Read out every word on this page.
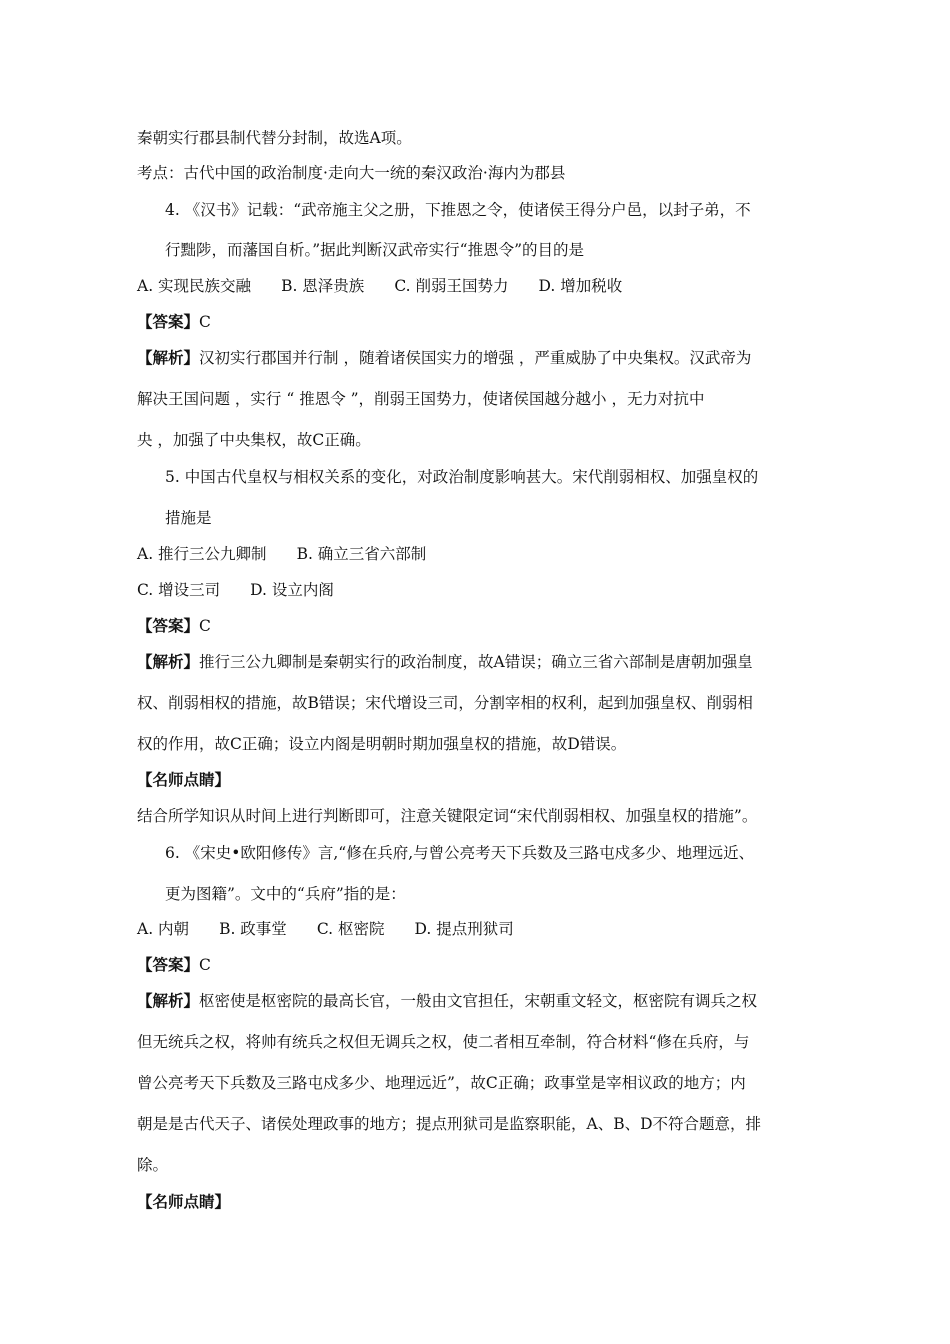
秦朝实行郡县制代替分封制，故选A项。
考点：古代中国的政治制度·走向大一统的秦汉政治·海内为郡县
4. 《汉书》记载：“武帝施主父之册，下推恩之令，使诸侯王得分户邑，以封子弟，不
行黜陟，而藩国自析。”据此判断汉武帝实行“推恩令”的目的是
A. 实现民族交融 B. 恩泽贵族 C. 削弱王国势力 D. 增加税收
【答案】C
【解析】汉初实行郡国并行制 ，随着诸侯国实力的增强 ，严重威胁了中央集权。汉武帝为
解决王国问题 ，实行 “ 推恩令 ”，削弱王国势力，使诸侯国越分越小 ，无力对抗中
央 ，加强了中央集权，故C正确。
5. 中国古代皇权与相权关系的变化，对政治制度影响甚大。宋代削弱相权、加强皇权的
措施是
A. 推行三公九卿制 B. 确立三省六部制
C. 增设三司 D. 设立内阁
【答案】C
【解析】推行三公九卿制是秦朝实行的政治制度，故A错误；确立三省六部制是唐朝加强皇
权、削弱相权的措施，故B错误；宋代增设三司，分割宰相的权利，起到加强皇权、削弱相
权的作用，故C正确；设立内阁是明朝时期加强皇权的措施，故D错误。
【名师点睛】
结合所学知识从时间上进行判断即可，注意关键限定词“宋代削弱相权、加强皇权的措施”。
6. 《宋史•欧阳修传》言,“修在兵府,与曾公亮考天下兵数及三路屯戍多少、地理远近、
更为图籍”。文中的“兵府”指的是：
A. 内朝 B. 政事堂 C. 枢密院 D. 提点刑狱司
【答案】C
【解析】枢密使是枢密院的最高长官，一般由文官担任，宋朝重文轻文，枢密院有调兵之权
但无统兵之权，将帅有统兵之权但无调兵之权，使二者相互牵制，符合材料“修在兵府，与
曾公亮考天下兵数及三路屯戍多少、地理远近”，故C正确；政事堂是宰相议政的地方；内
朝是是古代天子、诸侯处理政事的地方；提点刑狱司是监察职能，A、B、D不符合题意，排
除。
【名师点睛】
